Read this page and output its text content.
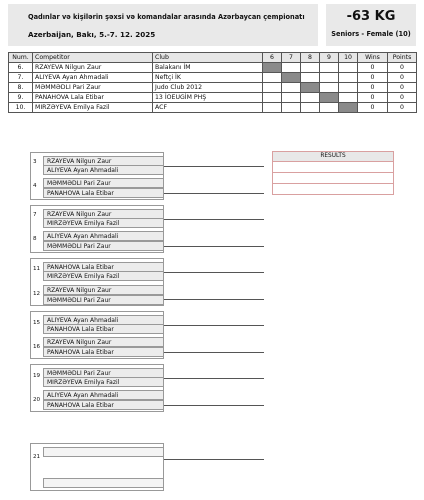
Qadınlar və kişilərin şəxsi və komandalar arasında Azərbaycan çempionatı
Azerbaijan, Bakı, 5.-7. 12. 2025
-63 KG
Seniors - Female (10)
Num.	Competitor	Club	6	7	8	9	10	Wins	Points
6.	RZAYEVA Nilgun Zaur	Balakanı İM						0	0
7.	ALIYEVA Ayan Ahmadali	Neftçi İK						0	0
8.	MƏMMƏDLI Pari Zaur	Judo Club 2012						0	0
9.	PANAHOVA Lala Etibar	13 İOEUGİM PHŞ						0	0
10.	MIRZƏYEVA Emilya Fazil	ACF						0	0
RESULTS
3	RZAYEVA Nilgun Zaur
ALIYEVA Ayan Ahmadali
4	MƏMMƏDLI Pari Zaur
PANAHOVA Lala Etibar
7	RZAYEVA Nilgun Zaur
MIRZƏYEVA Emilya Fazil
8	ALIYEVA Ayan Ahmadali
MƏMMƏDLI Pari Zaur
11	PANAHOVA Lala Etibar
MIRZƏYEVA Emilya Fazil
12	RZAYEVA Nilgun Zaur
MƏMMƏDLI Pari Zaur
15	ALIYEVA Ayan Ahmadali
PANAHOVA Lala Etibar
16
RZAYEVA Nilgun Zaur
PANAHOVA Lala Etibar
19	MƏMMƏDLI Pari Zaur
MIRZƏYEVA Emilya Fazil
20
ALIYEVA Ayan Ahmadali
PANAHOVA Lala Etibar
21
